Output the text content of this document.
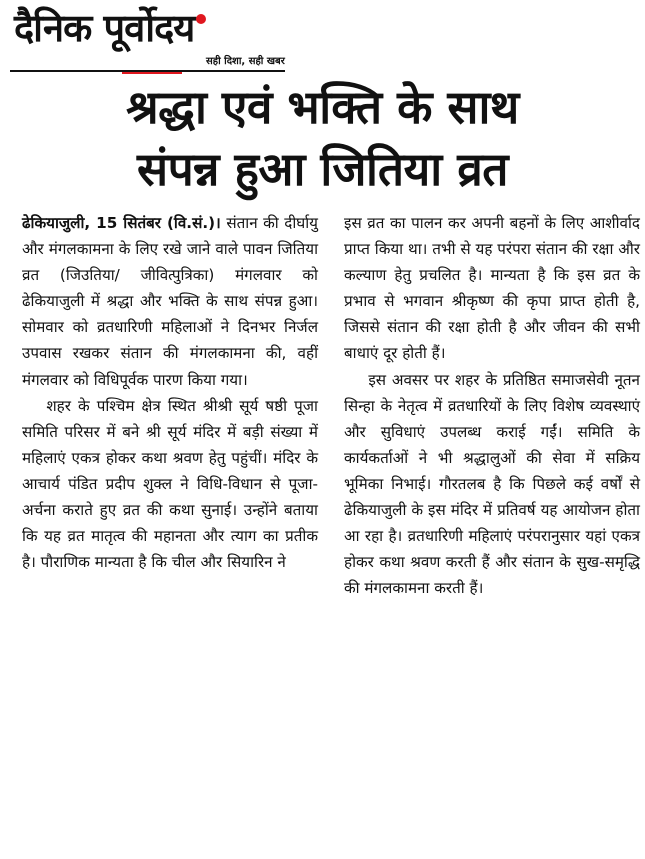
दैनिक पूर्वोदय
सही दिशा, सही खबर
श्रद्धा एवं भक्ति के साथ
संपन्न हुआ जितिया व्रत

ढेकियाजुली, 15 सितंबर (वि.सं.)। संतान की दीर्घायु और मंगलकामना के लिए रखे जाने वाले पावन जितिया व्रत (जिउतिया/ जीवित्पुत्रिका) मंगलवार को ढेकियाजुली में श्रद्धा और भक्ति के साथ संपन्न हुआ। सोमवार को व्रतधारिणी महिलाओं ने दिनभर निर्जल उपवास रखकर संतान की मंगलकामना की, वहीं मंगलवार को विधिपूर्वक पारण किया गया।

शहर के पश्चिम क्षेत्र स्थित श्रीश्री सूर्य षष्ठी पूजा समिति परिसर में बने श्री सूर्य मंदिर में बड़ी संख्या में महिलाएं एकत्र होकर कथा श्रवण हेतु पहुंचीं। मंदिर के आचार्य पंडित प्रदीप शुक्ल ने विधि-विधान से पूजा-अर्चना कराते हुए व्रत की कथा सुनाई। उन्होंने बताया कि यह व्रत मातृत्व की महानता और त्याग का प्रतीक है। पौराणिक मान्यता है कि चील और सियारिन ने

इस व्रत का पालन कर अपनी बहनों के लिए आशीर्वाद प्राप्त किया था। तभी से यह परंपरा संतान की रक्षा और कल्याण हेतु प्रचलित है। मान्यता है कि इस व्रत के प्रभाव से भगवान श्रीकृष्ण की कृपा प्राप्त होती है, जिससे संतान की रक्षा होती है और जीवन की सभी बाधाएं दूर होती हैं।

इस अवसर पर शहर के प्रतिष्ठित समाजसेवी नूतन सिन्हा के नेतृत्व में व्रतधारियों के लिए विशेष व्यवस्थाएं और सुविधाएं उपलब्ध कराई गईं। समिति के कार्यकर्ताओं ने भी श्रद्धालुओं की सेवा में सक्रिय भूमिका निभाई। गौरतलब है कि पिछले कई वर्षों से ढेकियाजुली के इस मंदिर में प्रतिवर्ष यह आयोजन होता आ रहा है। व्रतधारिणी महिलाएं परंपरानुसार यहां एकत्र होकर कथा श्रवण करती हैं और संतान के सुख-समृद्धि की मंगलकामना करती हैं।
